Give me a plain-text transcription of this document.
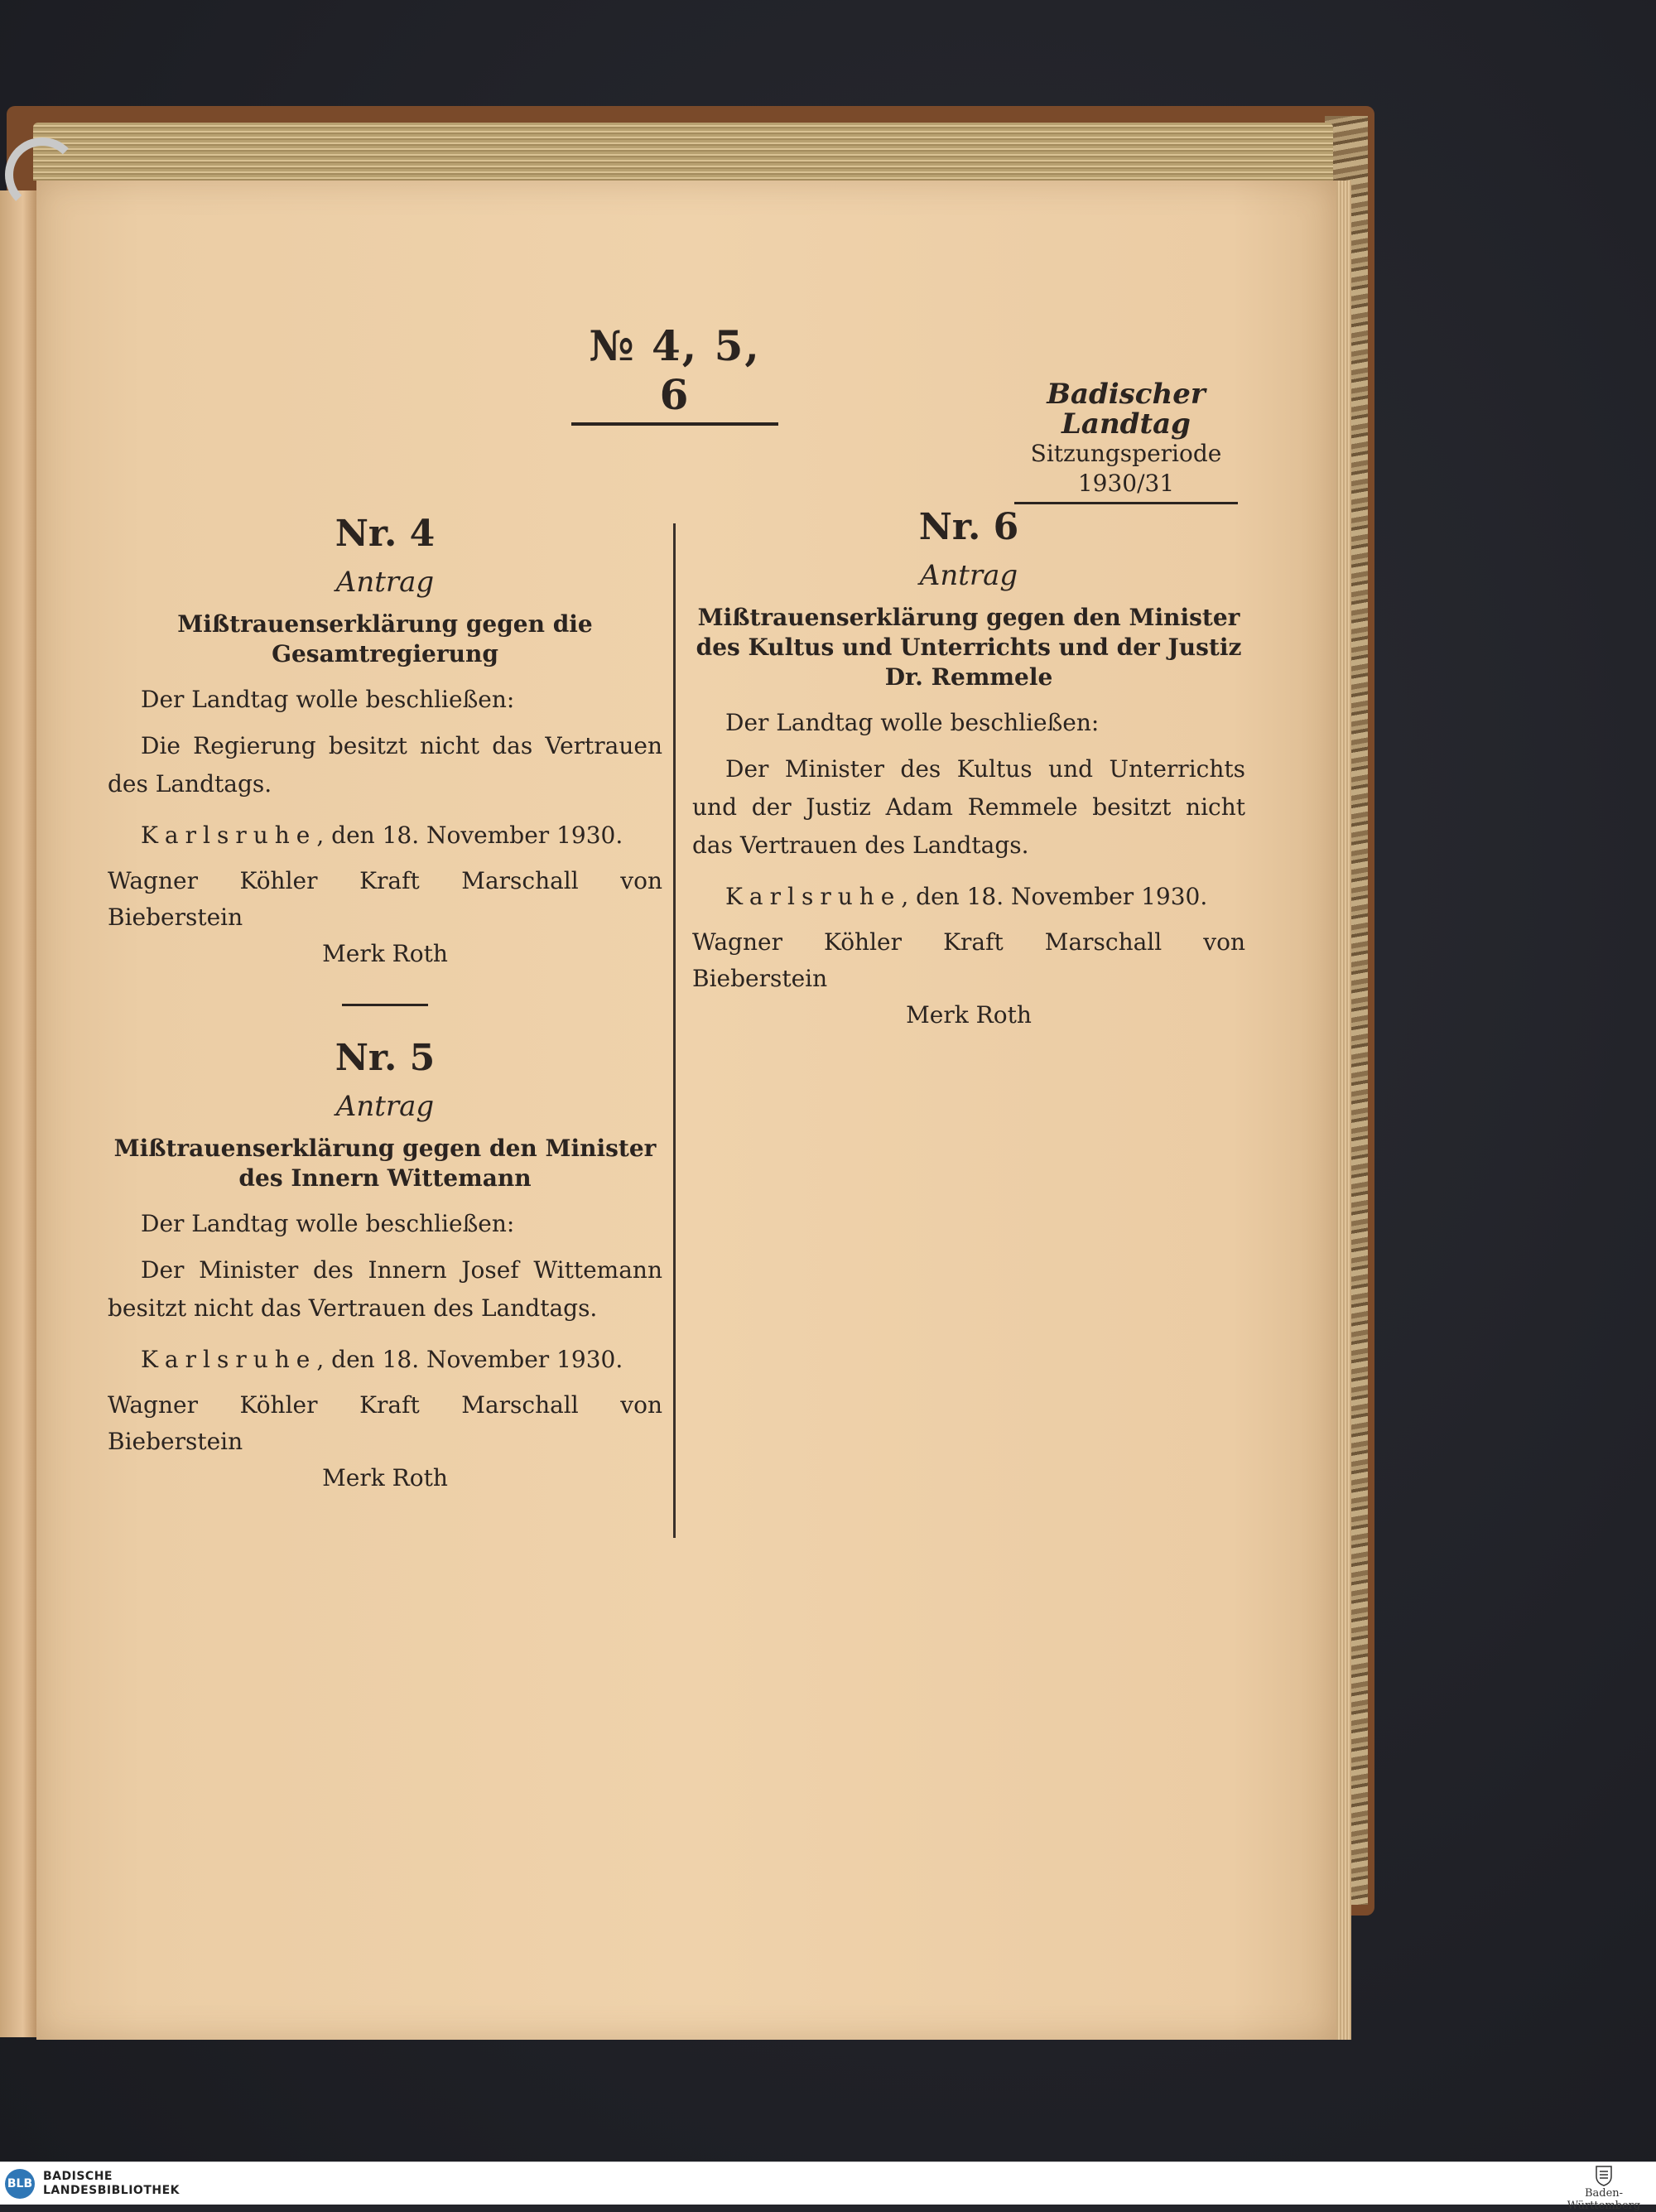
№ 4, 5, 6	Badischer Landtag
Sitzungsperiode
1930/31

Nr. 4

Antrag

Mißtrauenserklärung gegen die Gesamtregierung

Der Landtag wolle beschließen:

Die Regierung besitzt nicht das Vertrauen des Landtags.

Karlsruhe, den 18. November 1930.

Wagner Köhler Kraft Marschall von Bieberstein
Merk Roth

Nr. 5

Antrag

Mißtrauenserklärung gegen den Minister des Innern Wittemann

Der Landtag wolle beschließen:

Der Minister des Innern Josef Wittemann besitzt nicht das Vertrauen des Landtags.

Karlsruhe, den 18. November 1930.

Wagner Köhler Kraft Marschall von Bieberstein
Merk Roth

Nr. 6

Antrag

Mißtrauenserklärung gegen den Minister des Kultus und Unterrichts und der Justiz Dr. Remmele

Der Landtag wolle beschließen:

Der Minister des Kultus und Unterrichts und der Justiz Adam Remmele besitzt nicht das Vertrauen des Landtags.

Karlsruhe, den 18. November 1930.

Wagner Köhler Kraft Marschall von Bieberstein
Merk Roth
BLB
BADISCHE
LANDESBIBLIOTHEK	Baden-Württemberg
